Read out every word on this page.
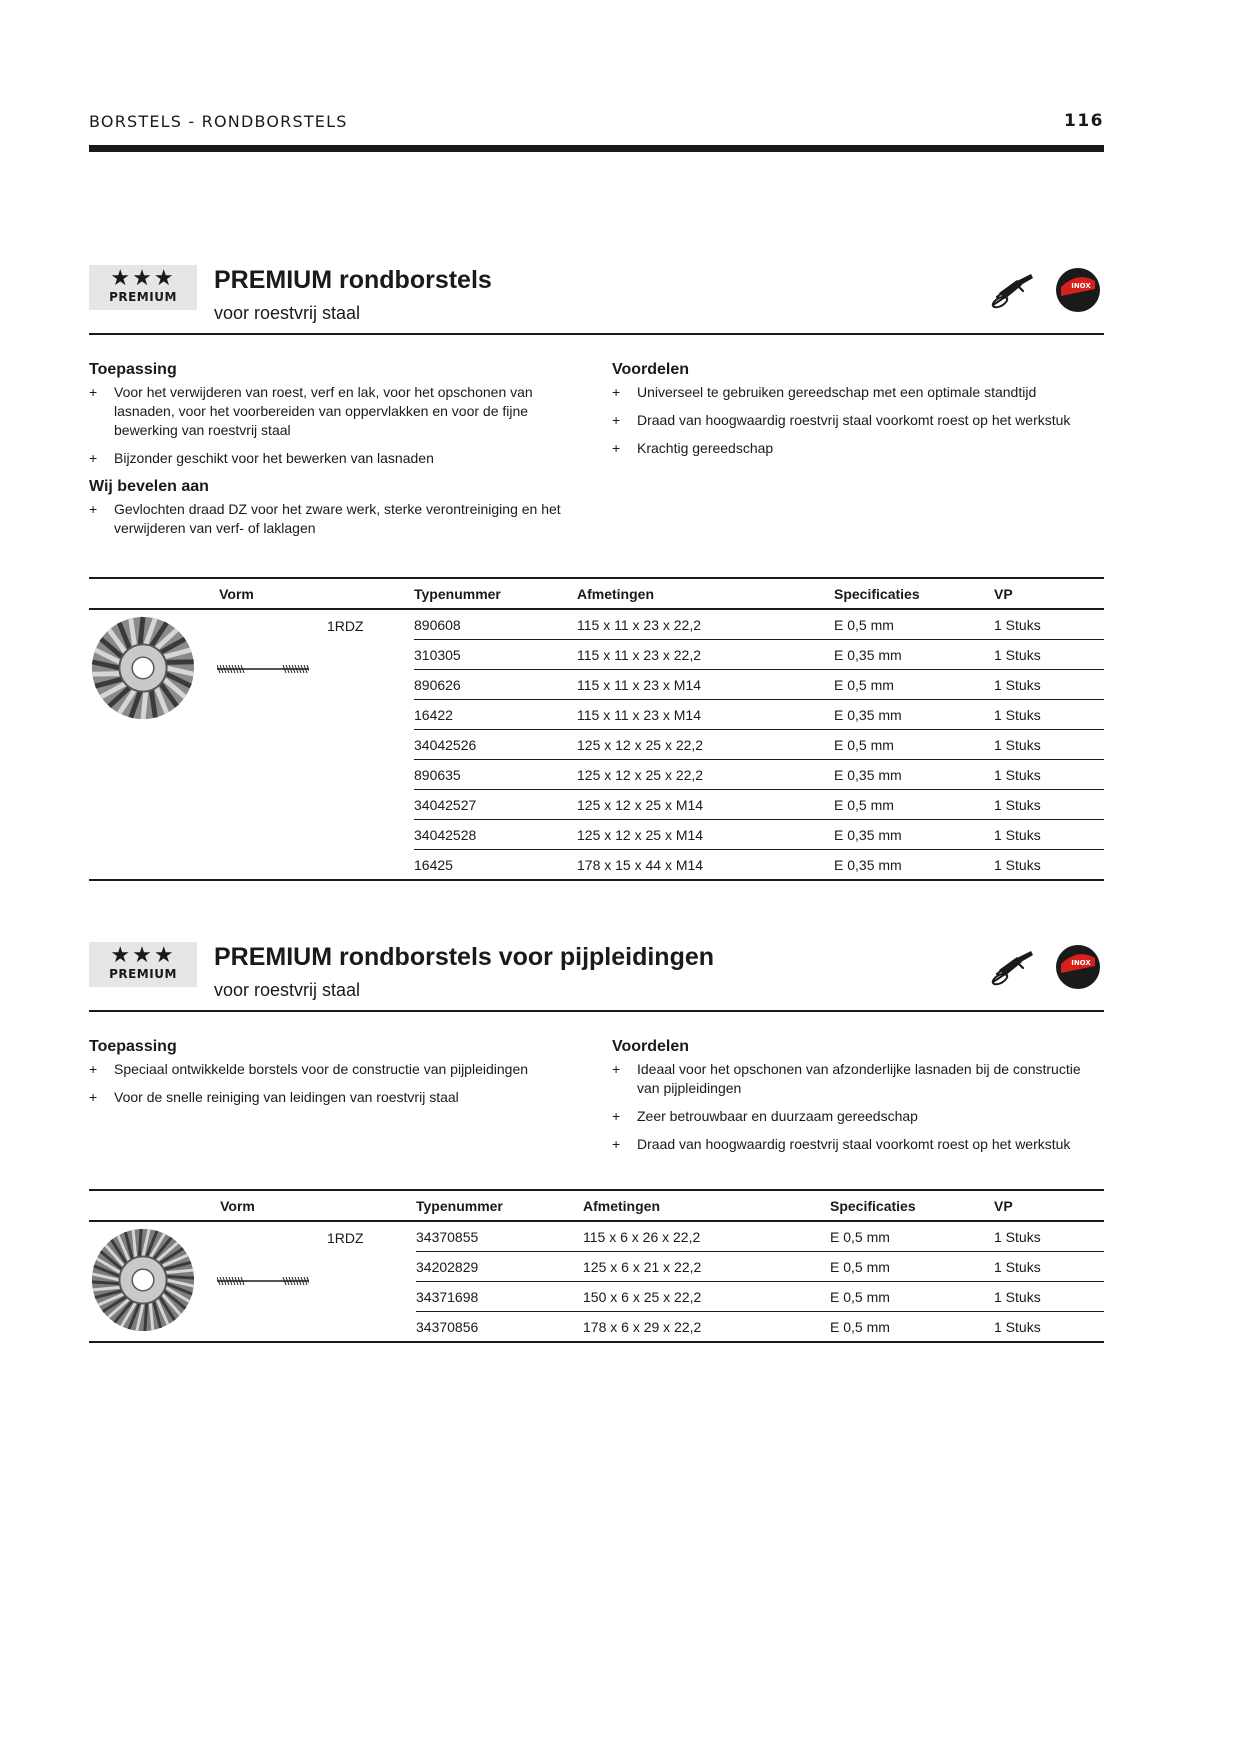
BORSTELS - RONDBORSTELS	116
★★★
PREMIUM
PREMIUM rondborstels
voor roestvrij staal
INOX
Toepassing
+	Voor het verwijderen van roest, verf en lak, voor het opschonen van lasnaden, voor het voorbereiden van oppervlakken en voor de fijne bewerking van roestvrij staal
+	Bijzonder geschikt voor het bewerken van lasnaden
Wij bevelen aan
+	Gevlochten draad DZ voor het zware werk, sterke verontreiniging en het verwijderen van verf- of laklagen
Voordelen
+	Universeel te gebruiken gereedschap met een optimale standtijd
+	Draad van hoogwaardig roestvrij staal voorkomt roest op het werkstuk
+	Krachtig gereedschap
Vorm	Typenummer	Afmetingen	Specificaties	VP

1RDZ	890608	115 x 11 x 23 x 22,2	E 0,5 mm	1 Stuks
	310305	115 x 11 x 23 x 22,2	E 0,35 mm	1 Stuks
	890626	115 x 11 x 23 x M14	E 0,5 mm	1 Stuks
	16422	115 x 11 x 23 x M14	E 0,35 mm	1 Stuks
	34042526	125 x 12 x 25 x 22,2	E 0,5 mm	1 Stuks
	890635	125 x 12 x 25 x 22,2	E 0,35 mm	1 Stuks
	34042527	125 x 12 x 25 x M14	E 0,5 mm	1 Stuks
	34042528	125 x 12 x 25 x M14	E 0,35 mm	1 Stuks
	16425	178 x 15 x 44 x M14	E 0,35 mm	1 Stuks
★★★
PREMIUM
PREMIUM rondborstels voor pijpleidingen
voor roestvrij staal
INOX
Toepassing
+	Speciaal ontwikkelde borstels voor de constructie van pijpleidingen
+	Voor de snelle reiniging van leidingen van roestvrij staal
Voordelen
+	Ideaal voor het opschonen van afzonderlijke lasnaden bij de constructie van pijpleidingen
+	Zeer betrouwbaar en duurzaam gereedschap
+	Draad van hoogwaardig roestvrij staal voorkomt roest op het werkstuk
Vorm	Typenummer	Afmetingen	Specificaties	VP

1RDZ	34370855	115 x 6 x 26 x 22,2	E 0,5 mm	1 Stuks
	34202829	125 x 6 x 21 x 22,2	E 0,5 mm	1 Stuks
	34371698	150 x 6 x 25 x 22,2	E 0,5 mm	1 Stuks
	34370856	178 x 6 x 29 x 22,2	E 0,5 mm	1 Stuks
